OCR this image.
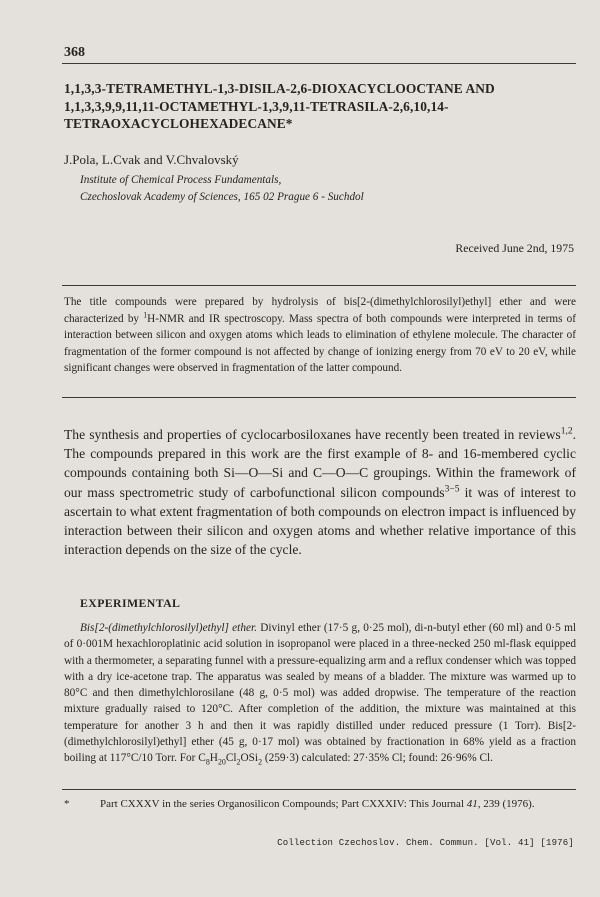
368
1,1,3,3-TETRAMETHYL-1,3-DISILA-2,6-DIOXACYCLOOCTANE AND
1,1,3,3,9,9,11,11-OCTAMETHYL-1,3,9,11-TETRASILA-2,6,10,14-
TETRAOXACYCLOHEXADECANE*
J.Pola, L.Cvak and V.Chvalovský
Institute of Chemical Process Fundamentals,
Czechoslovak Academy of Sciences, 165 02 Prague 6 - Suchdol
Received June 2nd, 1975
The title compounds were prepared by hydrolysis of bis[2-(dimethylchlorosilyl)ethyl] ether and were characterized by $^1$H-NMR and IR spectroscopy. Mass spectra of both compounds were interpreted in terms of interaction between silicon and oxygen atoms which leads to elimination of ethylene molecule. The character of fragmentation of the former compound is not affected by change of ionizing energy from 70 eV to 20 eV, while significant changes were observed in fragmentation of the latter compound.
The synthesis and properties of cyclocarbosiloxanes have recently been treated in reviews$^{1,2}$. The compounds prepared in this work are the first example of 8- and 16-membered cyclic compounds containing both Si—O—Si and C—O—C groupings. Within the framework of our mass spectrometric study of carbofunctional silicon compounds$^{3-5}$ it was of interest to ascertain to what extent fragmentation of both compounds on electron impact is influenced by interaction between their silicon and oxygen atoms and whether relative importance of this interaction depends on the size of the cycle.
EXPERIMENTAL
Bis[2-(dimethylchlorosilyl)ethyl] ether. Divinyl ether (17·5 g, 0·25 mol), di-n-butyl ether (60 ml) and 0·5 ml of 0·001M hexachloroplatinic acid solution in isopropanol were placed in a three-necked 250 ml-flask equipped with a thermometer, a separating funnel with a pressure-equalizing arm and a reflux condenser which was topped with a dry ice-acetone trap. The apparatus was sealed by means of a bladder. The mixture was warmed up to 80°C and then dimethylchlorosilane (48 g, 0·5 mol) was added dropwise. The temperature of the reaction mixture gradually raised to 120°C. After completion of the addition, the mixture was maintained at this temperature for another 3 h and then it was rapidly distilled under reduced pressure (1 Torr). Bis[2-(dimethylchlorosilyl)ethyl] ether (45 g, 0·17 mol) was obtained by fractionation in 68% yield as a fraction boiling at 117°C/10 Torr. For $C_8H_{20}Cl_2OSi_2$ (259·3) calculated: 27·35% Cl; found: 26·96% Cl.
*	Part CXXXV in the series Organosilicon Compounds; Part CXXXIV: This Journal 41, 239 (1976).
Collection Czechoslov. Chem. Commun. [Vol. 41] [1976]
